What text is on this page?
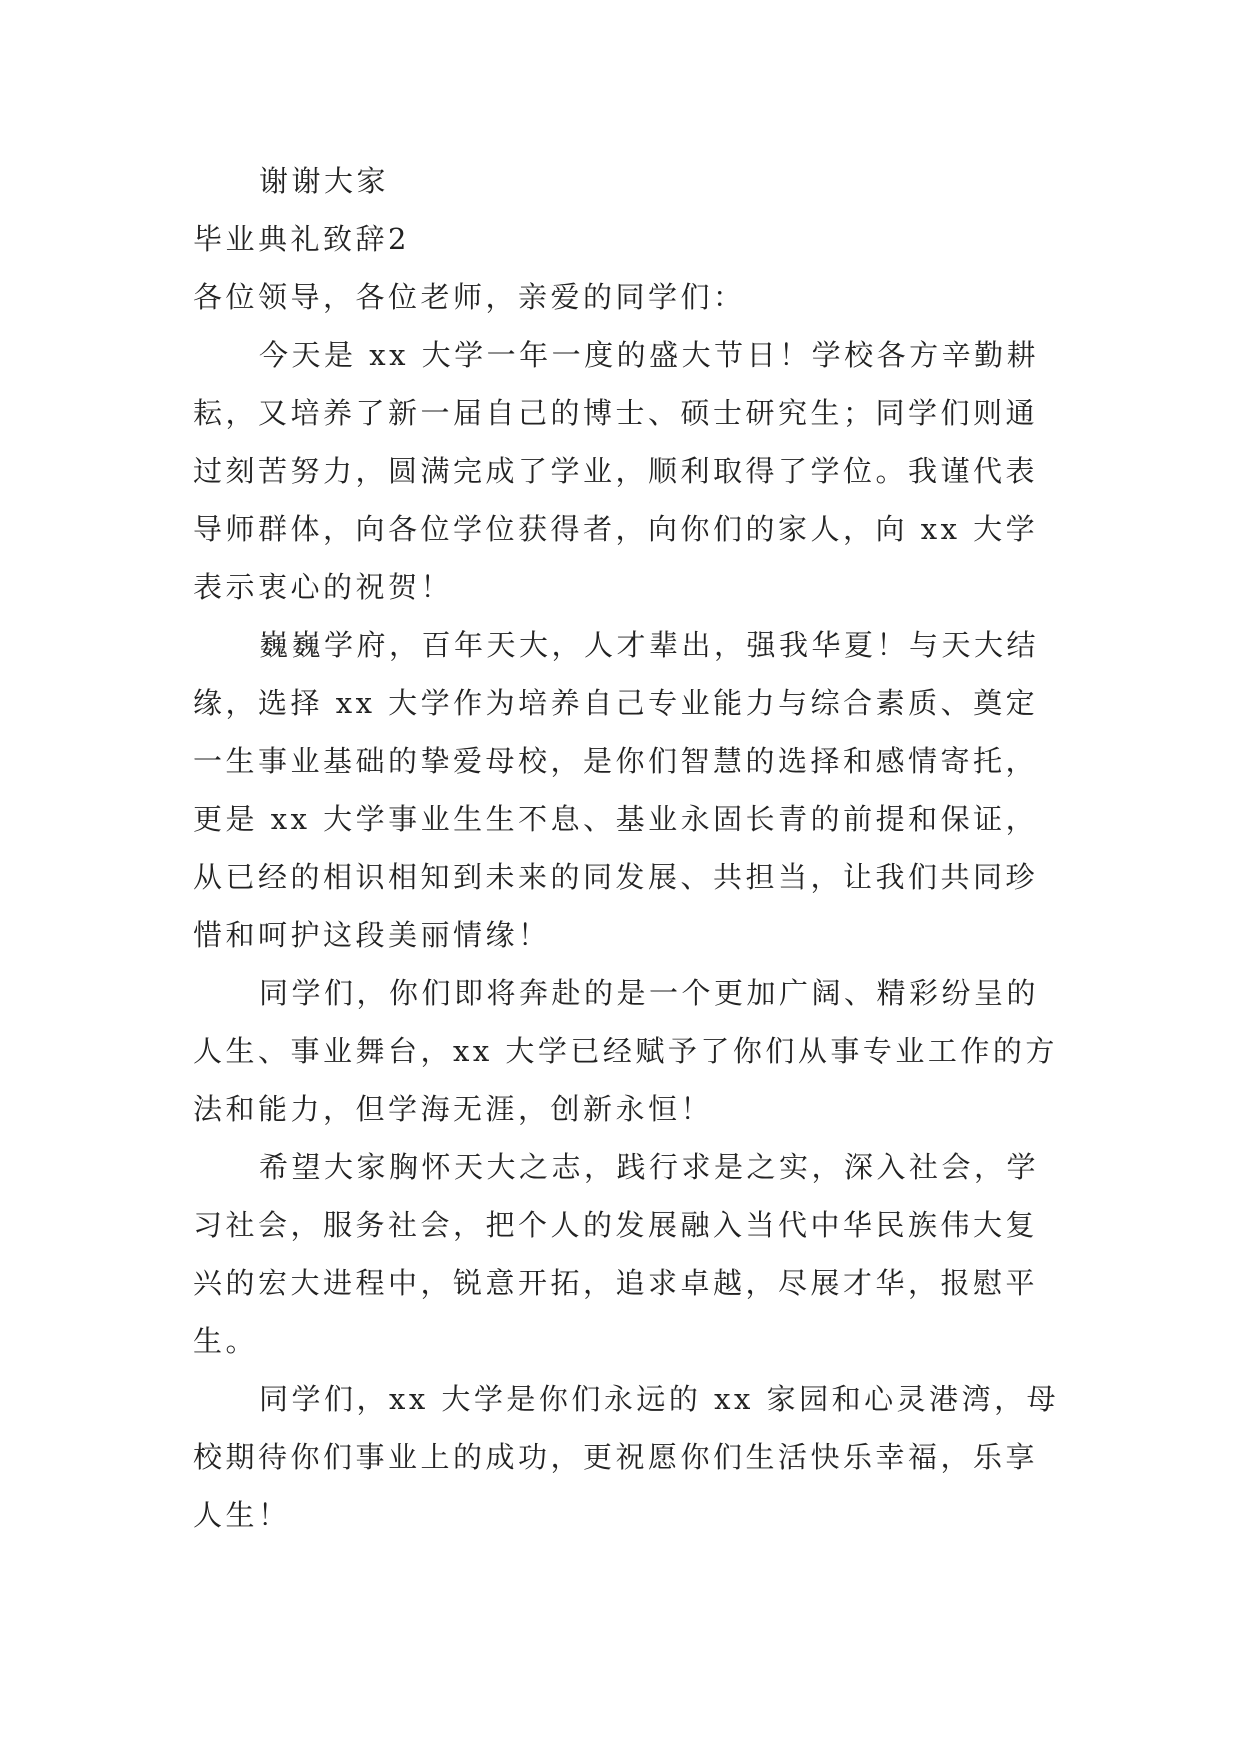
谢谢大家

毕业典礼致辞2

各位领导，各位老师，亲爱的同学们：

今天是 xx 大学一年一度的盛大节日！学校各方辛勤耕

耘，又培养了新一届自己的博士、硕士研究生；同学们则通

过刻苦努力，圆满完成了学业，顺利取得了学位。我谨代表

导师群体，向各位学位获得者，向你们的家人，向 xx 大学

表示衷心的祝贺！

巍巍学府，百年天大，人才辈出，强我华夏！与天大结

缘，选择 xx 大学作为培养自己专业能力与综合素质、奠定

一生事业基础的挚爱母校，是你们智慧的选择和感情寄托，

更是 xx 大学事业生生不息、基业永固长青的前提和保证，

从已经的相识相知到未来的同发展、共担当，让我们共同珍

惜和呵护这段美丽情缘！

同学们，你们即将奔赴的是一个更加广阔、精彩纷呈的

人生、事业舞台，xx 大学已经赋予了你们从事专业工作的方

法和能力，但学海无涯，创新永恒！

希望大家胸怀天大之志，践行求是之实，深入社会，学

习社会，服务社会，把个人的发展融入当代中华民族伟大复

兴的宏大进程中，锐意开拓，追求卓越，尽展才华，报慰平

生。

同学们，xx 大学是你们永远的 xx 家园和心灵港湾，母

校期待你们事业上的成功，更祝愿你们生活快乐幸福，乐享

人生！
